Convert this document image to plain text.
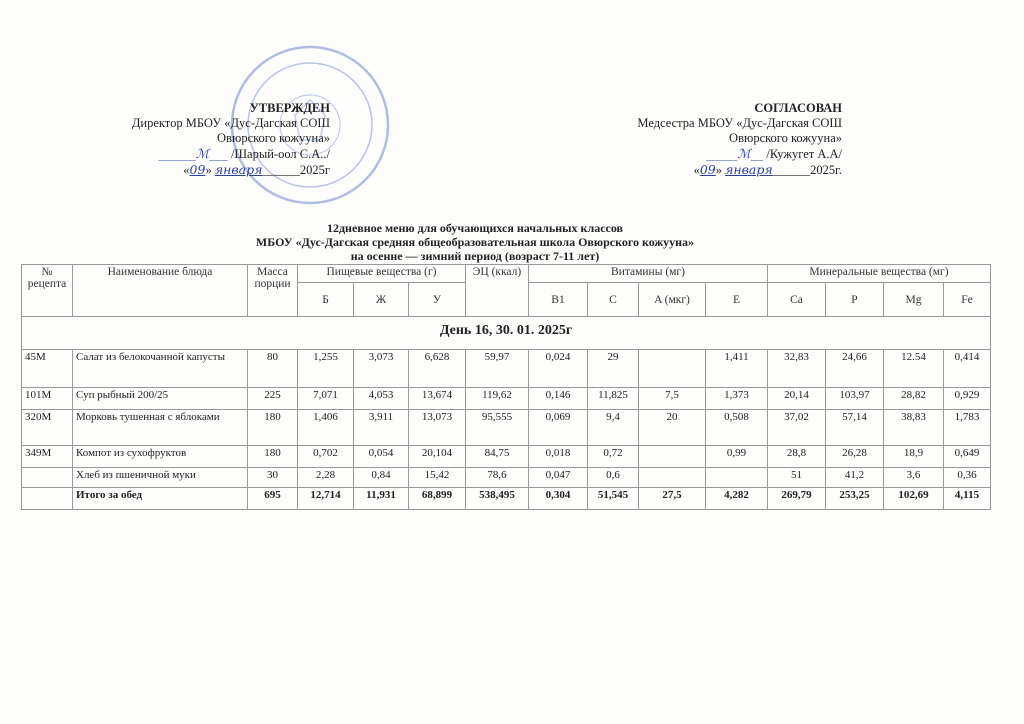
УТВЕРЖДЕН
Директор МБОУ «Дус-Дагская СОШ
Овюрского кожууна»
______ℳ___ /Шарый-оол С.А../
«09» января______2025г
СОГЛАСОВАН
Медсестра МБОУ «Дус-Дагская СОШ
Овюрского кожууна»
_____ℳ__ /Кужугет А.А/
«09» января______2025г.
12дневное меню для обучающихся начальных классов
МБОУ «Дус-Дагская средняя общеобразовательная школа Овюрского кожууна»
на осенне — зимний период (возраст 7-11 лет)
№ рецепта	Наименование блюда	Масса порции	Пищевые вещества (г)			ЭЦ (ккал)	Витамины (мг)				Минеральные вещества (мг)			
			Б	Ж	У		B1	C	A (мкг)	E	Ca	P	Mg	Fe
День 16, 30. 01. 2025г														
45М	Салат из белокочанной капусты	80	1,255	3,073	6,628	59,97	0,024	29		1,411	32,83	24,66	12.54	0,414
101М	Суп рыбный 200/25	225	7,071	4,053	13,674	119,62	0,146	11,825	7,5	1,373	20,14	103,97	28,82	0,929
320М	Морковь тушенная с яблоками	180	1,406	3,911	13,073	95,555	0,069	9,4	20	0,508	37,02	57,14	38,83	1,783
349М	Компот из сухофруктов	180	0,702	0,054	20,104	84,75	0,018	0,72		0,99	28,8	26,28	18,9	0,649
	Хлеб из пшеничной муки	30	2,28	0,84	15,42	78,6	0,047	0,6			51	41,2	3,6	0,36
	Итого за обед	695	12,714	11,931	68,899	538,495	0,304	51,545	27,5	4,282	269,79	253,25	102,69	4,115
